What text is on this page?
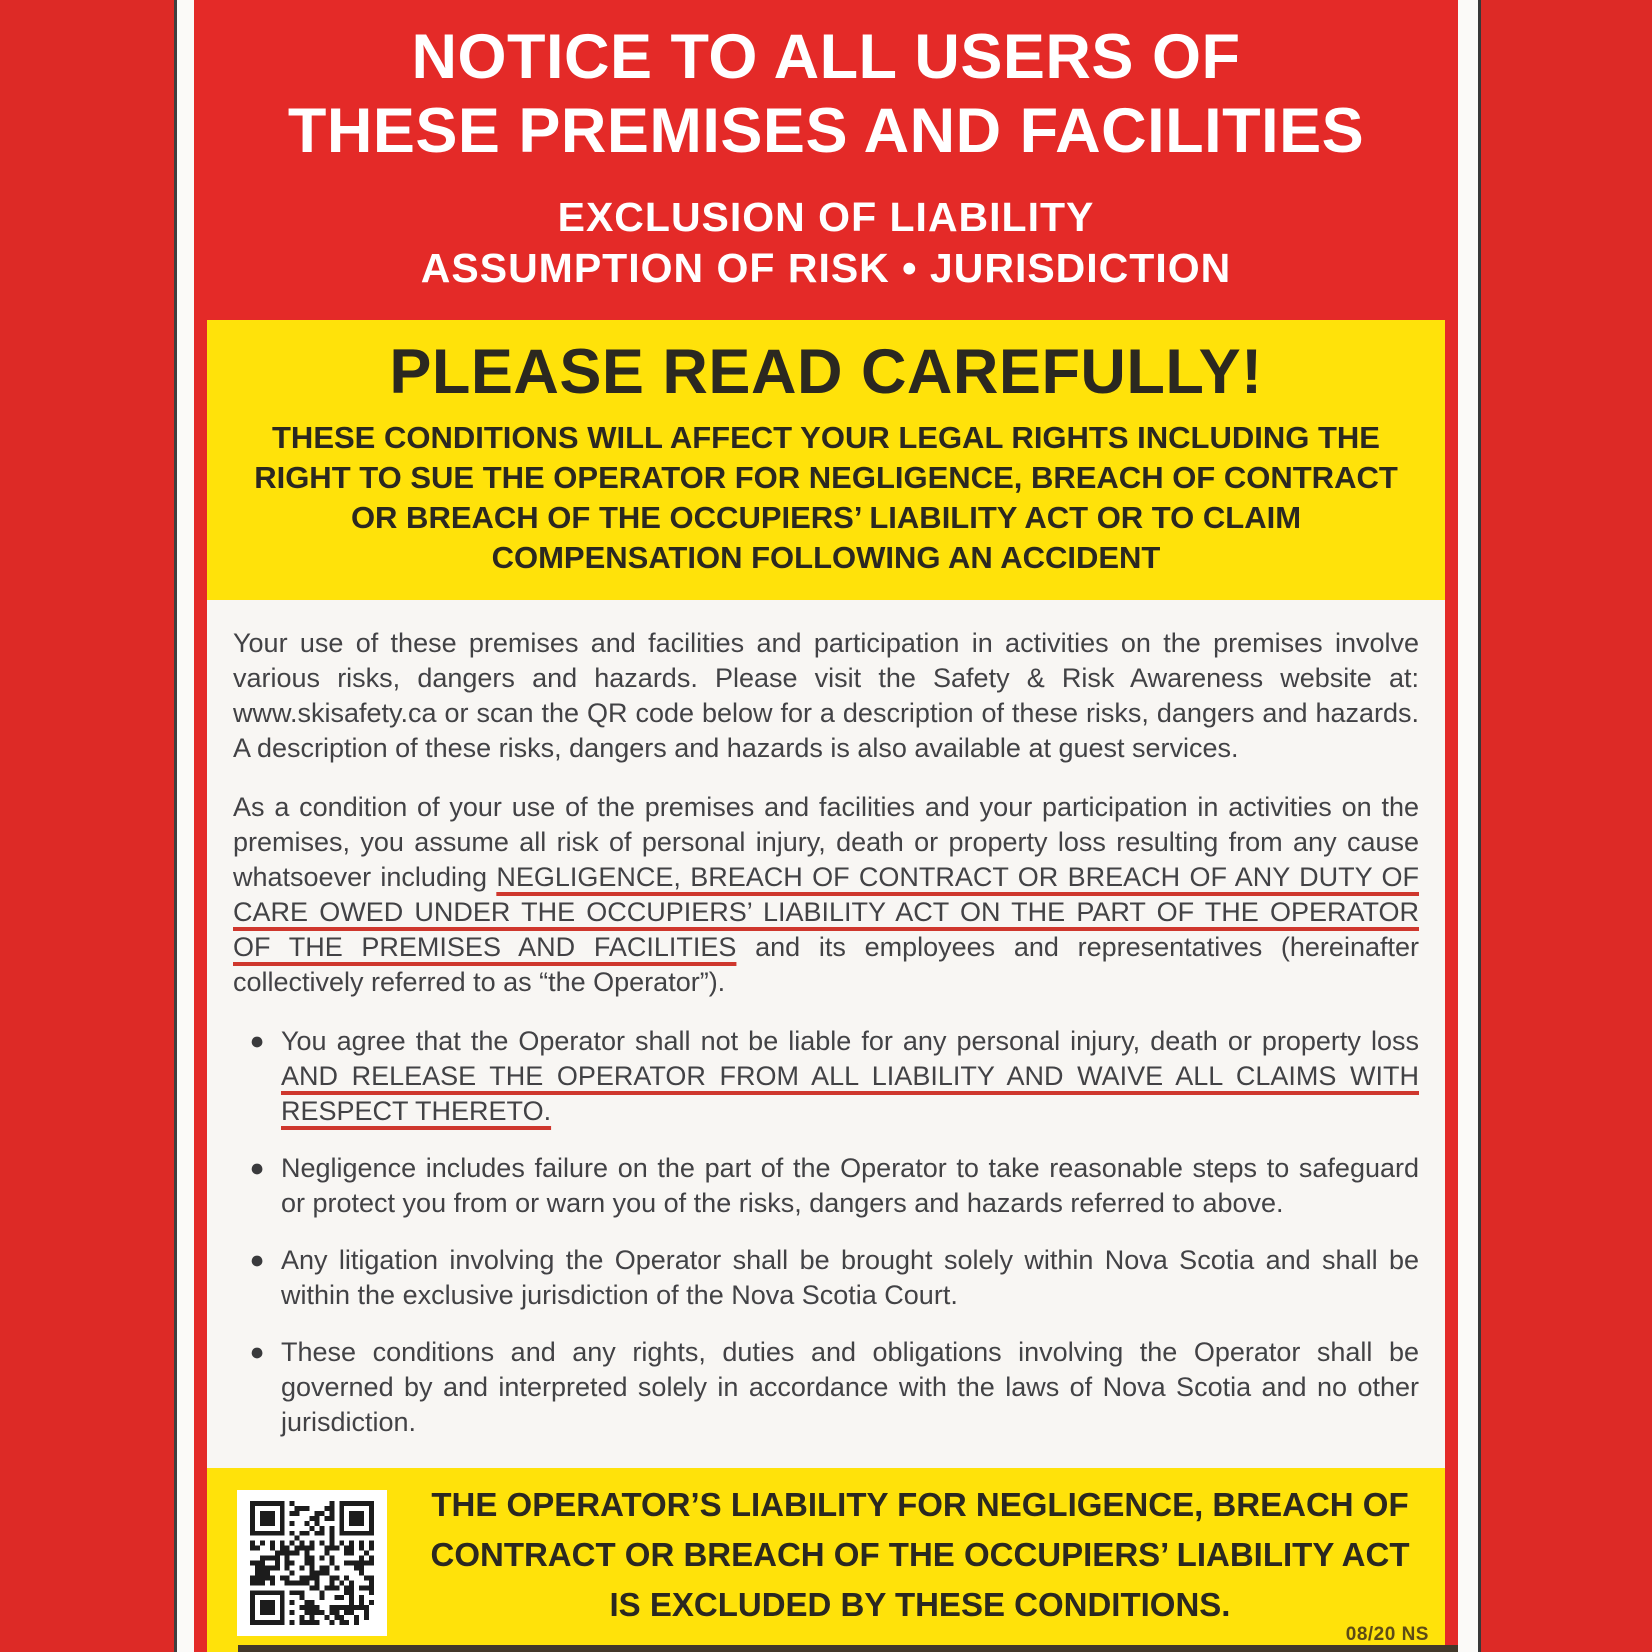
NOTICE TO ALL USERS OF
THESE PREMISES AND FACILITIES
EXCLUSION OF LIABILITY
ASSUMPTION OF RISK • JURISDICTION
PLEASE READ CAREFULLY!
THESE CONDITIONS WILL AFFECT YOUR LEGAL RIGHTS INCLUDING THE RIGHT TO SUE THE OPERATOR FOR NEGLIGENCE, BREACH OF CONTRACT OR BREACH OF THE OCCUPIERS’ LIABILITY ACT OR TO CLAIM COMPENSATION FOLLOWING AN ACCIDENT

Your use of these premises and facilities and participation in activities on the premises involve various risks, dangers and hazards. Please visit the Safety & Risk Awareness website at: www.skisafety.ca or scan the QR code below for a description of these risks, dangers and hazards. A description of these risks, dangers and hazards is also available at guest services.

As a condition of your use of the premises and facilities and your participation in activities on the premises, you assume all risk of personal injury, death or property loss resulting from any cause whatsoever including NEGLIGENCE, BREACH OF CONTRACT OR BREACH OF ANY DUTY OF CARE OWED UNDER THE OCCUPIERS’ LIABILITY ACT ON THE PART OF THE OPERATOR OF THE PREMISES AND FACILITIES and its employees and representatives (hereinafter collectively referred to as “the Operator”).

● You agree that the Operator shall not be liable for any personal injury, death or property loss AND RELEASE THE OPERATOR FROM ALL LIABILITY AND WAIVE ALL CLAIMS WITH RESPECT THERETO.
● Negligence includes failure on the part of the Operator to take reasonable steps to safeguard or protect you from or warn you of the risks, dangers and hazards referred to above.
● Any litigation involving the Operator shall be brought solely within Nova Scotia and shall be within the exclusive jurisdiction of the Nova Scotia Court.
● These conditions and any rights, duties and obligations involving the Operator shall be governed by and interpreted solely in accordance with the laws of Nova Scotia and no other jurisdiction.
THE OPERATOR’S LIABILITY FOR NEGLIGENCE, BREACH OF CONTRACT OR BREACH OF THE OCCUPIERS’ LIABILITY ACT IS EXCLUDED BY THESE CONDITIONS.
08/20 NS
